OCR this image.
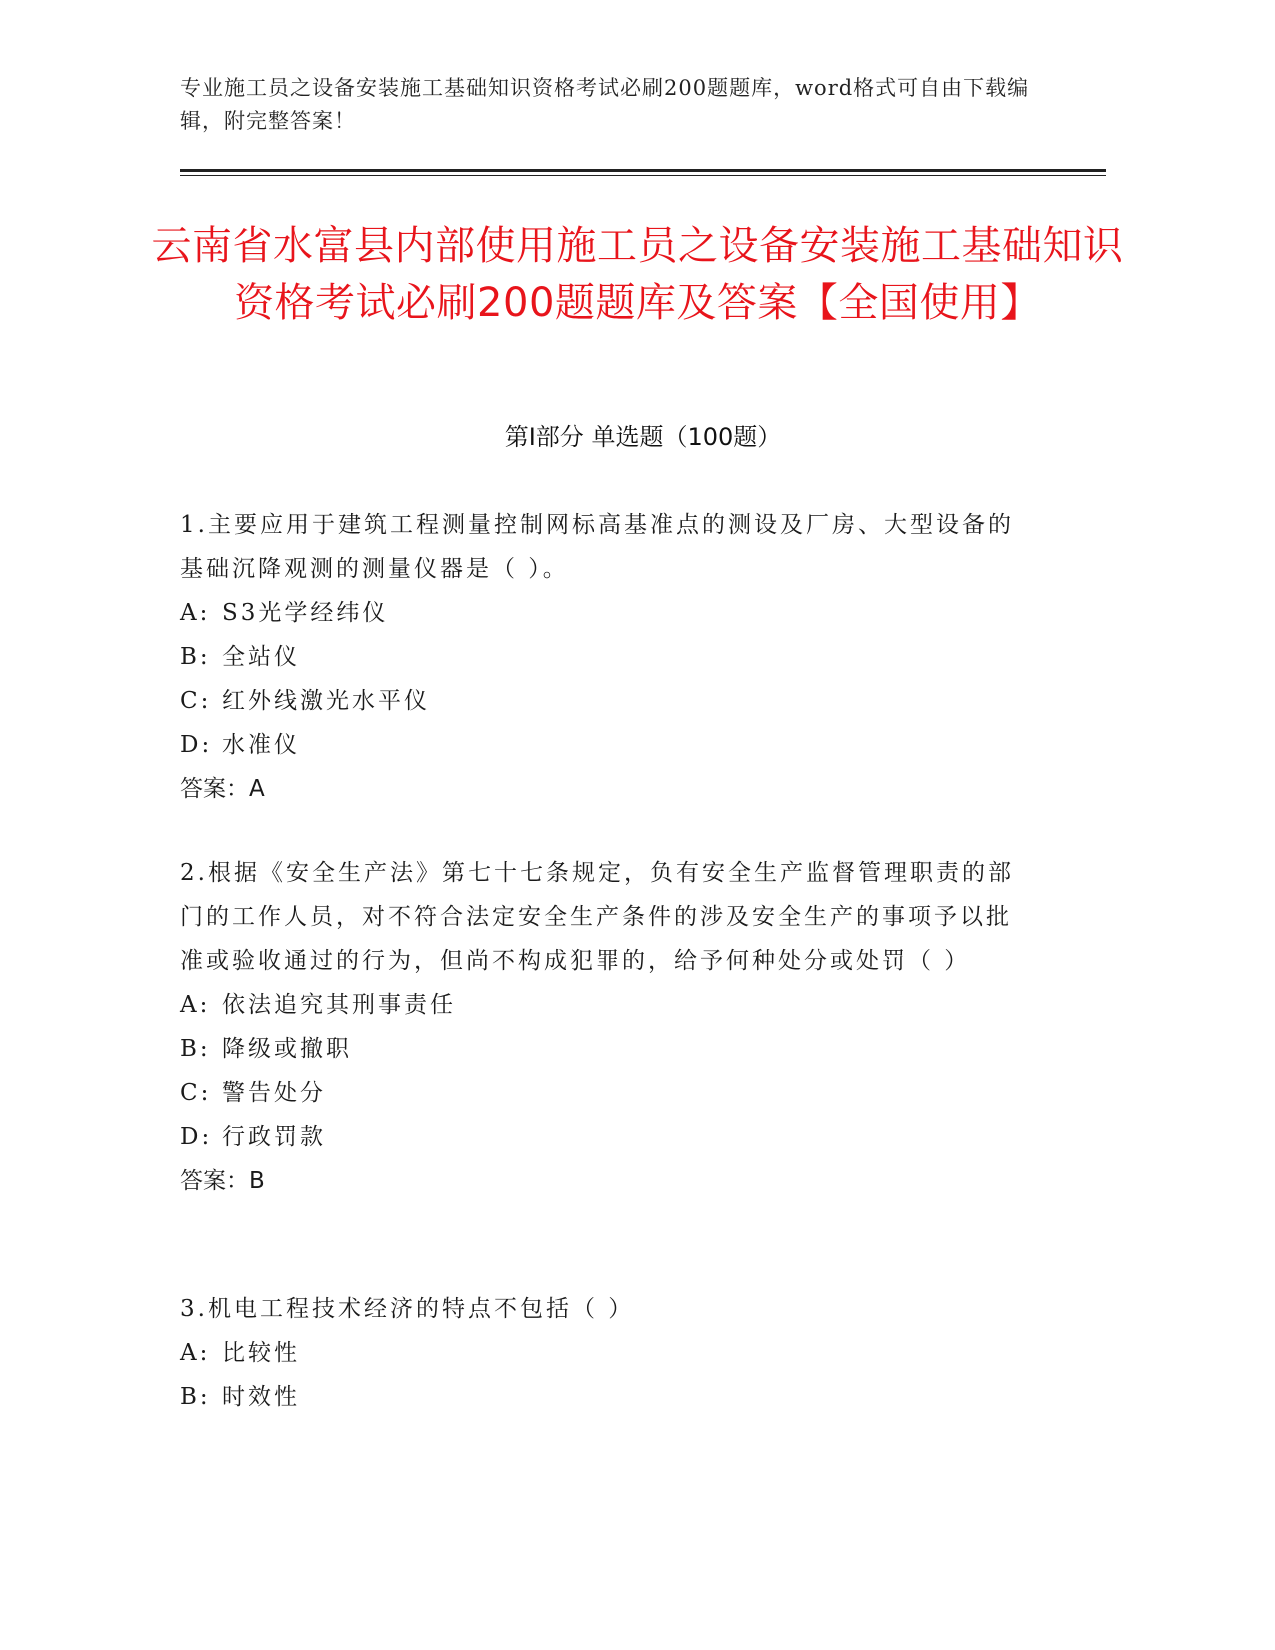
专业施工员之设备安装施工基础知识资格考试必刷200题题库，word格式可自由下载编辑，附完整答案！
云南省水富县内部使用施工员之设备安装施工基础知识资格考试必刷200题题库及答案【全国使用】
第Ⅰ部分 单选题（100题）

1.主要应用于建筑工程测量控制网标高基准点的测设及厂房、大型设备的基础沉降观测的测量仪器是（ ）。

A: S3光学经纬仪

B: 全站仪

C: 红外线激光水平仪

D: 水准仪

答案：A

2.根据《安全生产法》第七十七条规定，负有安全生产监督管理职责的部门的工作人员，对不符合法定安全生产条件的涉及安全生产的事项予以批准或验收通过的行为，但尚不构成犯罪的，给予何种处分或处罚（ ）

A: 依法追究其刑事责任

B: 降级或撤职

C: 警告处分

D: 行政罚款

答案：B

3.机电工程技术经济的特点不包括（ ）

A: 比较性

B: 时效性
